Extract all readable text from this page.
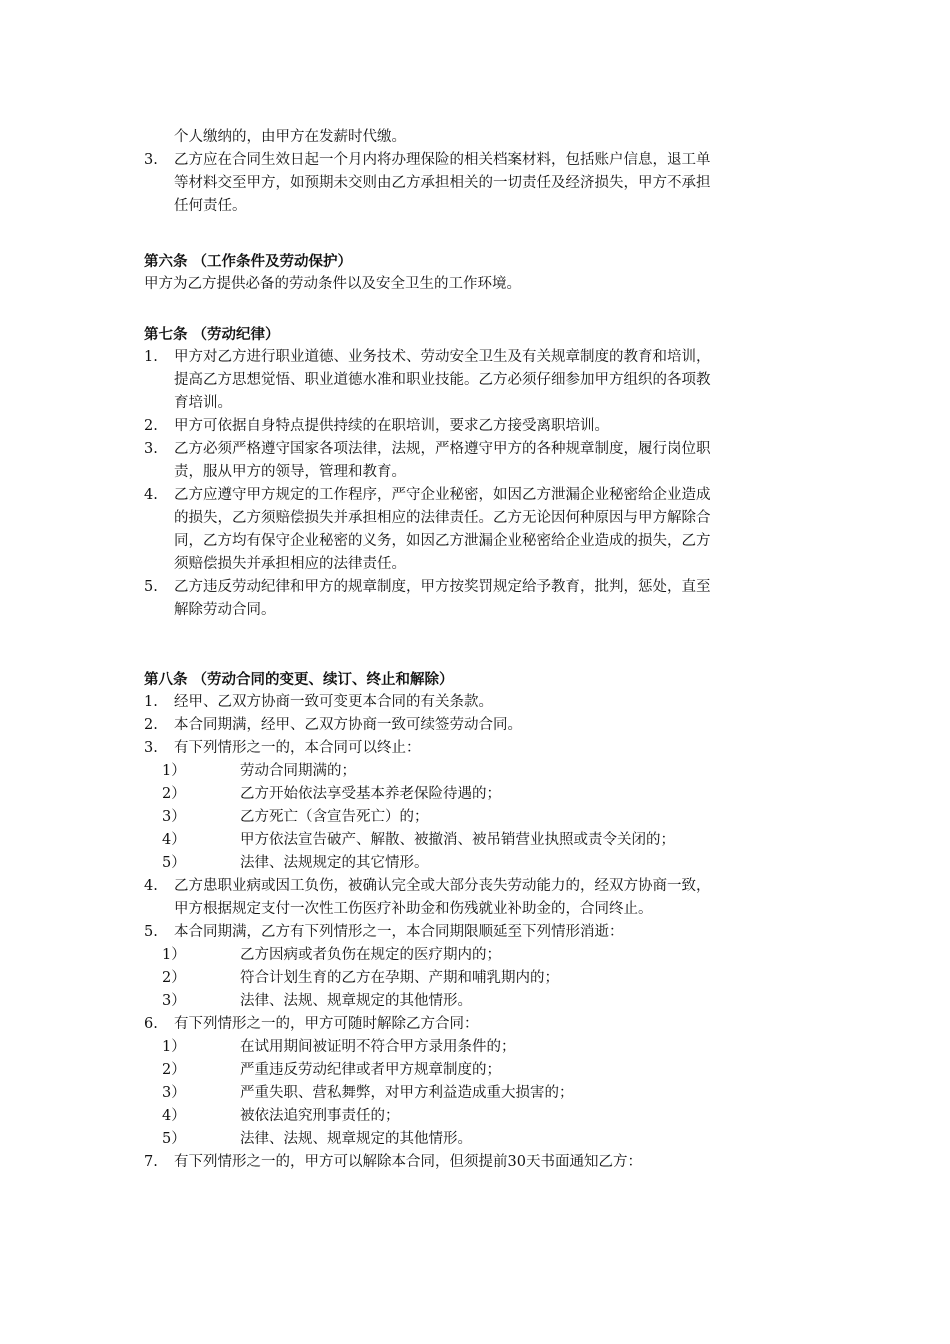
个人缴纳的，由甲方在发薪时代缴。
3. 乙方应在合同生效日起一个月内将办理保险的相关档案材料，包括账户信息，退工单
等材料交至甲方，如预期未交则由乙方承担相关的一切责任及经济损失，甲方不承担
任何责任。
第六条 （工作条件及劳动保护）
甲方为乙方提供必备的劳动条件以及安全卫生的工作环境。
第七条 （劳动纪律）
1. 甲方对乙方进行职业道德、业务技术、劳动安全卫生及有关规章制度的教育和培训，
提高乙方思想觉悟、职业道德水准和职业技能。乙方必须仔细参加甲方组织的各项教
育培训。
2. 甲方可依据自身特点提供持续的在职培训，要求乙方接受离职培训。
3. 乙方必须严格遵守国家各项法律，法规，严格遵守甲方的各种规章制度，履行岗位职
责，服从甲方的领导，管理和教育。
4. 乙方应遵守甲方规定的工作程序，严守企业秘密，如因乙方泄漏企业秘密给企业造成
的损失，乙方须赔偿损失并承担相应的法律责任。乙方无论因何种原因与甲方解除合
同，乙方均有保守企业秘密的义务，如因乙方泄漏企业秘密给企业造成的损失，乙方
须赔偿损失并承担相应的法律责任。
5. 乙方违反劳动纪律和甲方的规章制度，甲方按奖罚规定给予教育，批判，惩处，直至
解除劳动合同。
第八条 （劳动合同的变更、续订、终止和解除）
1. 经甲、乙双方协商一致可变更本合同的有关条款。
2. 本合同期满，经甲、乙双方协商一致可续签劳动合同。
3. 有下列情形之一的，本合同可以终止：
1）	劳动合同期满的；
2）	乙方开始依法享受基本养老保险待遇的；
3）	乙方死亡（含宣告死亡）的；
4）	甲方依法宣告破产、解散、被撤消、被吊销营业执照或责令关闭的；
5）	法律、法规规定的其它情形。
4. 乙方患职业病或因工负伤，被确认完全或大部分丧失劳动能力的，经双方协商一致，
甲方根据规定支付一次性工伤医疗补助金和伤残就业补助金的，合同终止。
5. 本合同期满，乙方有下列情形之一，本合同期限顺延至下列情形消逝：
1）	乙方因病或者负伤在规定的医疗期内的；
2）	符合计划生育的乙方在孕期、产期和哺乳期内的；
3）	法律、法规、规章规定的其他情形。
6. 有下列情形之一的，甲方可随时解除乙方合同：
1）	在试用期间被证明不符合甲方录用条件的；
2）	严重违反劳动纪律或者甲方规章制度的；
3）	严重失职、营私舞弊，对甲方利益造成重大损害的；
4）	被依法追究刑事责任的；
5）	法律、法规、规章规定的其他情形。
7. 有下列情形之一的，甲方可以解除本合同，但须提前30天书面通知乙方：
